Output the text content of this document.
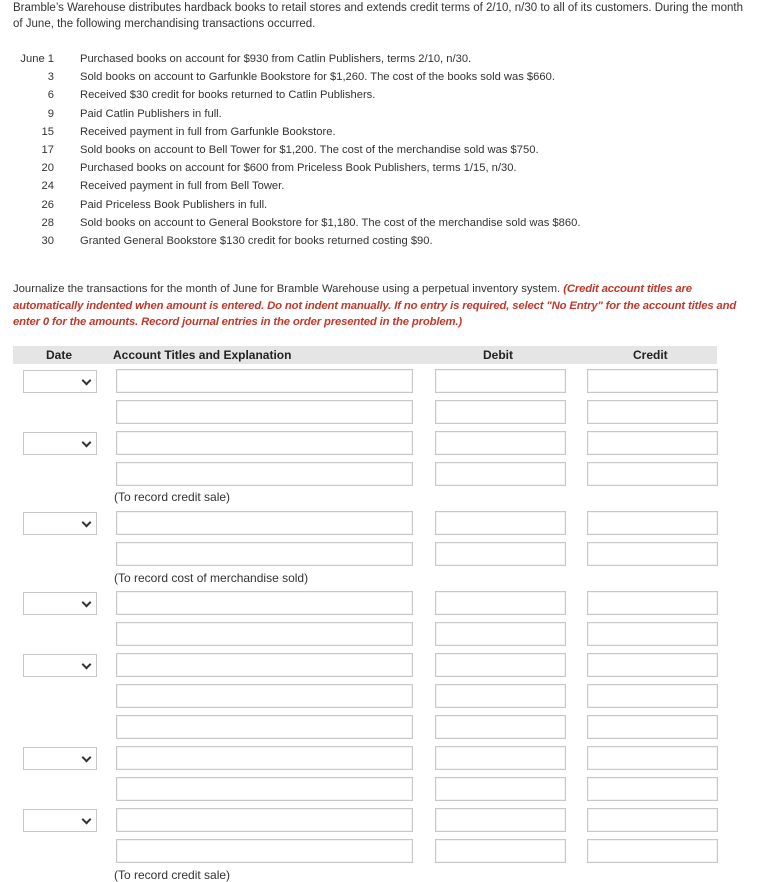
Bramble’s Warehouse distributes hardback books to retail stores and extends credit terms of 2/10, n/30 to all of its customers. During the month of June, the following merchandising transactions occurred.
June 1 Purchased books on account for $930 from Catlin Publishers, terms 2/10, n/30.
3 Sold books on account to Garfunkle Bookstore for $1,260. The cost of the books sold was $660.
6 Received $30 credit for books returned to Catlin Publishers.
9 Paid Catlin Publishers in full.
15 Received payment in full from Garfunkle Bookstore.
17 Sold books on account to Bell Tower for $1,200. The cost of the merchandise sold was $750.
20 Purchased books on account for $600 from Priceless Book Publishers, terms 1/15, n/30.
24 Received payment in full from Bell Tower.
26 Paid Priceless Book Publishers in full.
28 Sold books on account to General Bookstore for $1,180. The cost of the merchandise sold was $860.
30 Granted General Bookstore $130 credit for books returned costing $90.
Journalize the transactions for the month of June for Bramble Warehouse using a perpetual inventory system. (Credit account titles are automatically indented when amount is entered. Do not indent manually. If no entry is required, select "No Entry" for the account titles and enter 0 for the amounts. Record journal entries in the order presented in the problem.)
Date	Account Titles and Explanation	Debit	Credit
(To record credit sale)
(To record cost of merchandise sold)
(To record credit sale)
